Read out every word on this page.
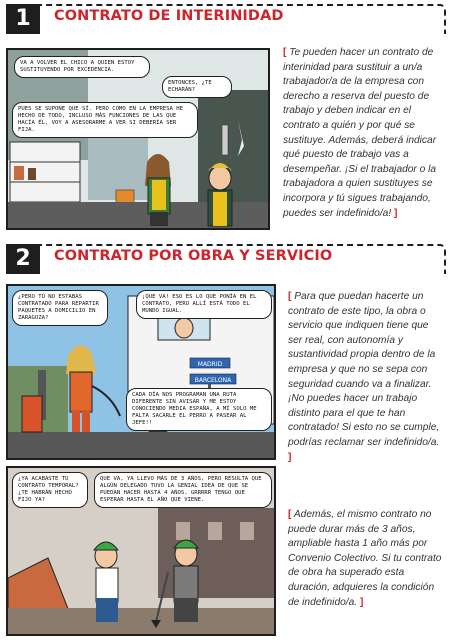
1	CONTRATO DE INTERINIDAD
VA A VOLVER EL CHICO A QUIEN ESTOY SUSTITUYENDO POR EXCEDENCIA.
ENTONCES, ¿TE ECHARÁN?
PUES SE SUPONE QUE SÍ. PERO COMO EN LA EMPRESA HE HECHO DE TODO, INCLUSO MÁS FUNCIONES DE LAS QUE HACÍA ÉL, VOY A ASESORARME A VER SI DEBERÍA SER FIJA.
[ Te pueden hacer un contrato de interinidad para sustituir a un/a trabajador/a de la empresa con derecho a reserva del puesto de trabajo y deben indicar en el contrato a quién y por qué se sustituye. Además, deberá indicar qué puesto de trabajo vas a desempeñar. ¡Si el trabajador o la trabajadora a quien sustituyes se incorpora y tú sigues trabajando, puedes ser indefinido/a! ]
2	CONTRATO POR OBRA Y SERVICIO
MADRID
BARCELONA
¿PERO TÚ NO ESTABAS CONTRATADO PARA REPARTIR PAQUETES A DOMICILIO EN ZARAGOZA?
¡QUE VA! ESO ES LO QUE PONÍA EN EL CONTRATO, PERO ALLÍ ESTÁ TODO EL MUNDO IGUAL.
CADA DÍA NOS PROGRAMAN UNA RUTA DIFERENTE SIN AVISAR Y ME ESTOY CONOCIENDO MEDIA ESPAÑA, A MÍ SOLO ME FALTA SACARLE EL PERRO A PASEAR AL JEFE!!
¿YA ACABASTE TU CONTRATO TEMPORAL? ¿TE HABRÁN HECHO FIJO YA?
QUE VA, YA LLEVO MÁS DE 3 AÑOS, PERO RESULTA QUE ALGÚN DELEGADO TUVO LA GENIAL IDEA DE QUE SE PUEDAN HACER HASTA 4 AÑOS. GRRRRR TENGO QUE ESPERAR HASTA EL AÑO QUE VIENE.
[ Para que puedan hacerte un contrato de este tipo, la obra o servicio que indiquen tiene que ser real, con autonomía y sustantividad propia dentro de la empresa y que no se sepa con seguridad cuando va a finalizar. ¡No puedes hacer un trabajo distinto para el que te han contratado! Si esto no se cumple, podrías reclamar ser indefinido/a. ]
[ Además, el mismo contrato no puede durar más de 3 años, ampliable hasta 1 año más por Convenio Colectivo. Si tu contrato de obra ha superado esta duración, adquieres la condición de indefinido/a. ]
